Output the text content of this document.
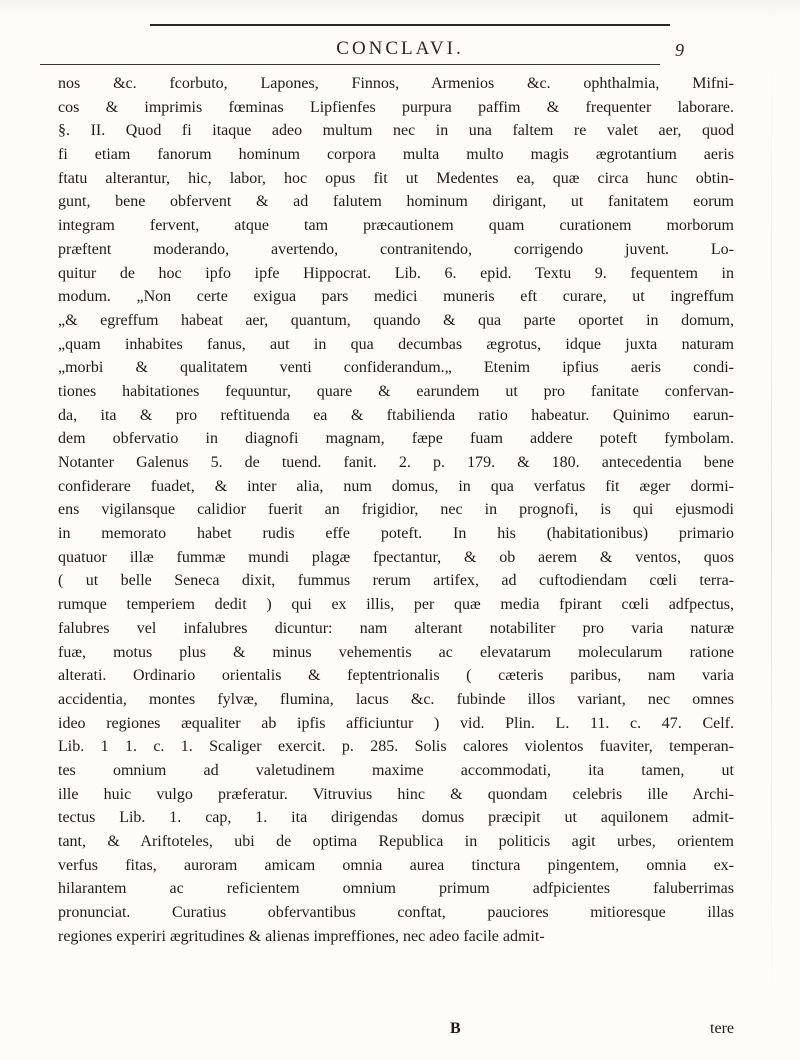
CONCLAVI.	9
nos &c. fcorbuto, Lapones, Finnos, Armenios &c. ophthalmia, Mifni-
cos & imprimis fœminas Lipfienfes purpura paffim & frequenter laborare.
§. II. Quod fi itaque adeo multum nec in una faltem re valet aer, quod
fi etiam fanorum hominum corpora multa multo magis ægrotantium aeris
ftatu alterantur, hic, labor, hoc opus fit ut Medentes ea, quæ circa hunc obtin-
gunt, bene obfervent & ad falutem hominum dirigant, ut fanitatem eorum
integram fervent, atque tam præcautionem quam curationem morborum
præftent moderando, avertendo, contranitendo, corrigendo juvent. Lo-
quitur de hoc ipfo ipfe Hippocrat. Lib. 6. epid. Textu 9. fequentem in
modum. „Non certe exigua pars medici muneris eft curare, ut ingreffum
„& egreffum habeat aer, quantum, quando & qua parte oportet in domum,
„quam inhabites fanus, aut in qua decumbas ægrotus, idque juxta naturam
„morbi & qualitatem venti confiderandum.„ Etenim ipfius aeris condi-
tiones habitationes fequuntur, quare & earundem ut pro fanitate confervan-
da, ita & pro reftituenda ea & ftabilienda ratio habeatur. Quinimo earun-
dem obfervatio in diagnofi magnam, fæpe fuam addere poteft fymbolam.
Notanter Galenus 5. de tuend. fanit. 2. p. 179. & 180. antecedentia bene
confiderare fuadet, & inter alia, num domus, in qua verfatus fit æger dormi-
ens vigilansque calidior fuerit an frigidior, nec in prognofi, is qui ejusmodi
in memorato habet rudis effe poteft. In his (habitationibus) primario
quatuor illæ fummæ mundi plagæ fpectantur, & ob aerem & ventos, quos
( ut belle Seneca dixit, fummus rerum artifex, ad cuftodiendam cœli terra-
rumque temperiem dedit ) qui ex illis, per quæ media fpirant cœli adfpectus,
falubres vel infalubres dicuntur: nam alterant notabiliter pro varia naturæ
fuæ, motus plus & minus vehementis ac elevatarum molecularum ratione
alterati. Ordinario orientalis & feptentrionalis ( cæteris paribus, nam varia
accidentia, montes fylvæ, flumina, lacus &c. fubinde illos variant, nec omnes
ideo regiones æqualiter ab ipfis afficiuntur ) vid. Plin. L. 11. c. 47. Celf.
Lib. 1 1. c. 1. Scaliger exercit. p. 285. Solis calores violentos fuaviter, temperan-
tes omnium ad valetudinem maxime accommodati, ita tamen, ut
ille huic vulgo præferatur. Vitruvius hinc & quondam celebris ille Archi-
tectus Lib. 1. cap, 1. ita dirigendas domus præcipit ut aquilonem admit-
tant, & Ariftoteles, ubi de optima Republica in politicis agit urbes, orientem
verfus fitas, auroram amicam omnia aurea tinctura pingentem, omnia ex-
hilarantem ac reficientem omnium primum adfpicientes faluberrimas
pronunciat. Curatius obfervantibus conftat, pauciores mitioresque illas
regiones experiri ægritudines & alienas impreffiones, nec adeo facile admit-
B	tere
